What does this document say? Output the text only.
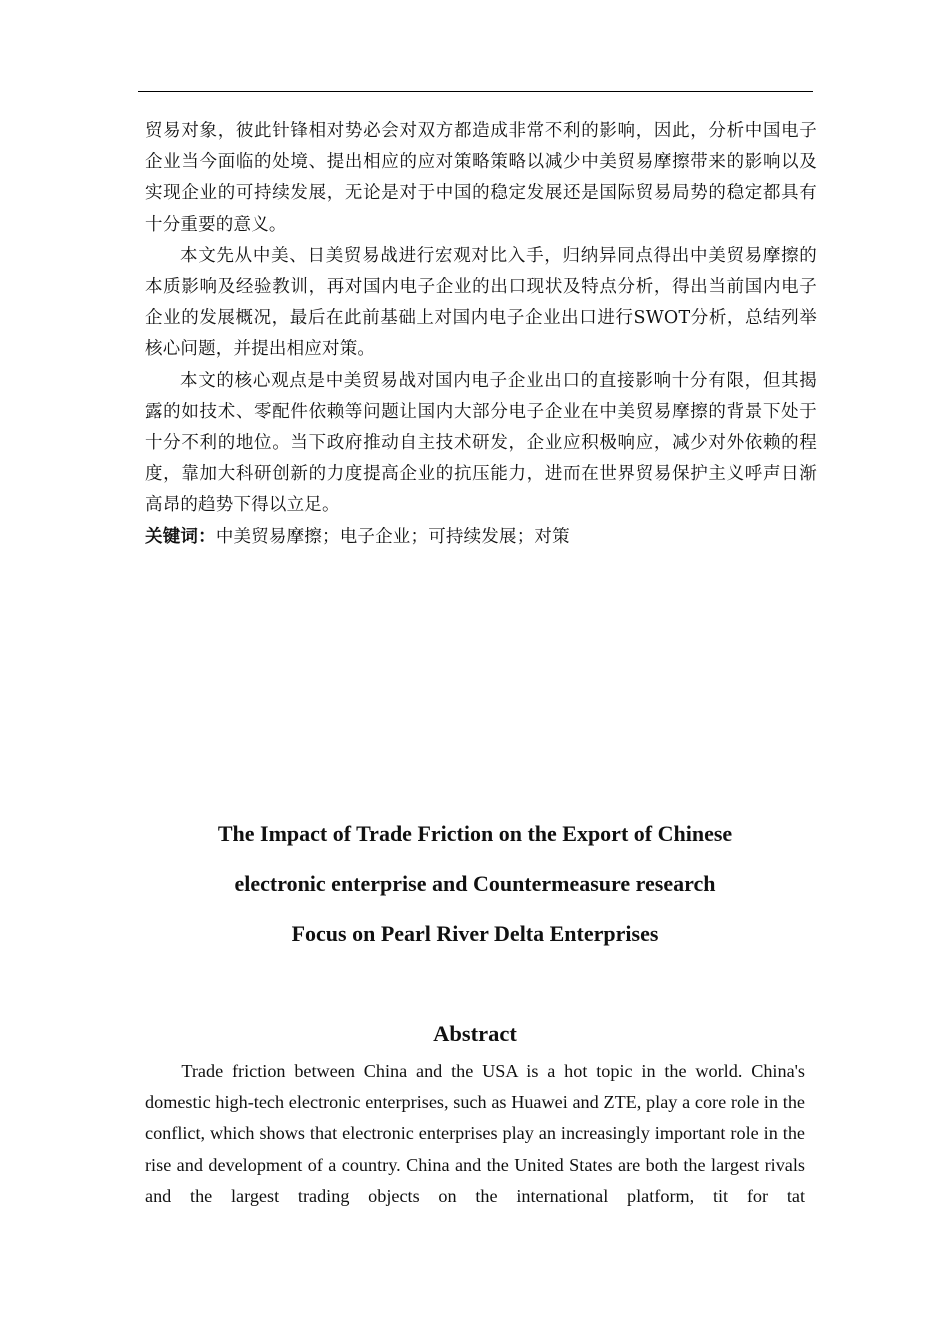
贸易对象，彼此针锋相对势必会对双方都造成非常不利的影响，因此，分析中国电子企业当今面临的处境、提出相应的应对策略策略以减少中美贸易摩擦带来的影响以及实现企业的可持续发展，无论是对于中国的稳定发展还是国际贸易局势的稳定都具有十分重要的意义。

本文先从中美、日美贸易战进行宏观对比入手，归纳异同点得出中美贸易摩擦的本质影响及经验教训，再对国内电子企业的出口现状及特点分析，得出当前国内电子企业的发展概况，最后在此前基础上对国内电子企业出口进行SWOT分析，总结列举核心问题，并提出相应对策。

本文的核心观点是中美贸易战对国内电子企业出口的直接影响十分有限，但其揭露的如技术、零配件依赖等问题让国内大部分电子企业在中美贸易摩擦的背景下处于十分不利的地位。当下政府推动自主技术研发，企业应积极响应，减少对外依赖的程度，靠加大科研创新的力度提高企业的抗压能力，进而在世界贸易保护主义呼声日渐高昂的趋势下得以立足。

关键词：中美贸易摩擦；电子企业；可持续发展；对策

The Impact of Trade Friction on the Export of Chinese
electronic enterprise and Countermeasure research
Focus on Pearl River Delta Enterprises
Abstract

Trade friction between China and the USA is a hot topic in the world. China's domestic high-tech electronic enterprises, such as Huawei and ZTE, play a core role in the conflict, which shows that electronic enterprises play an increasingly important role in the rise and development of a country. China and the United States are both the largest rivals and the largest trading objects on the international platform, tit for tat
